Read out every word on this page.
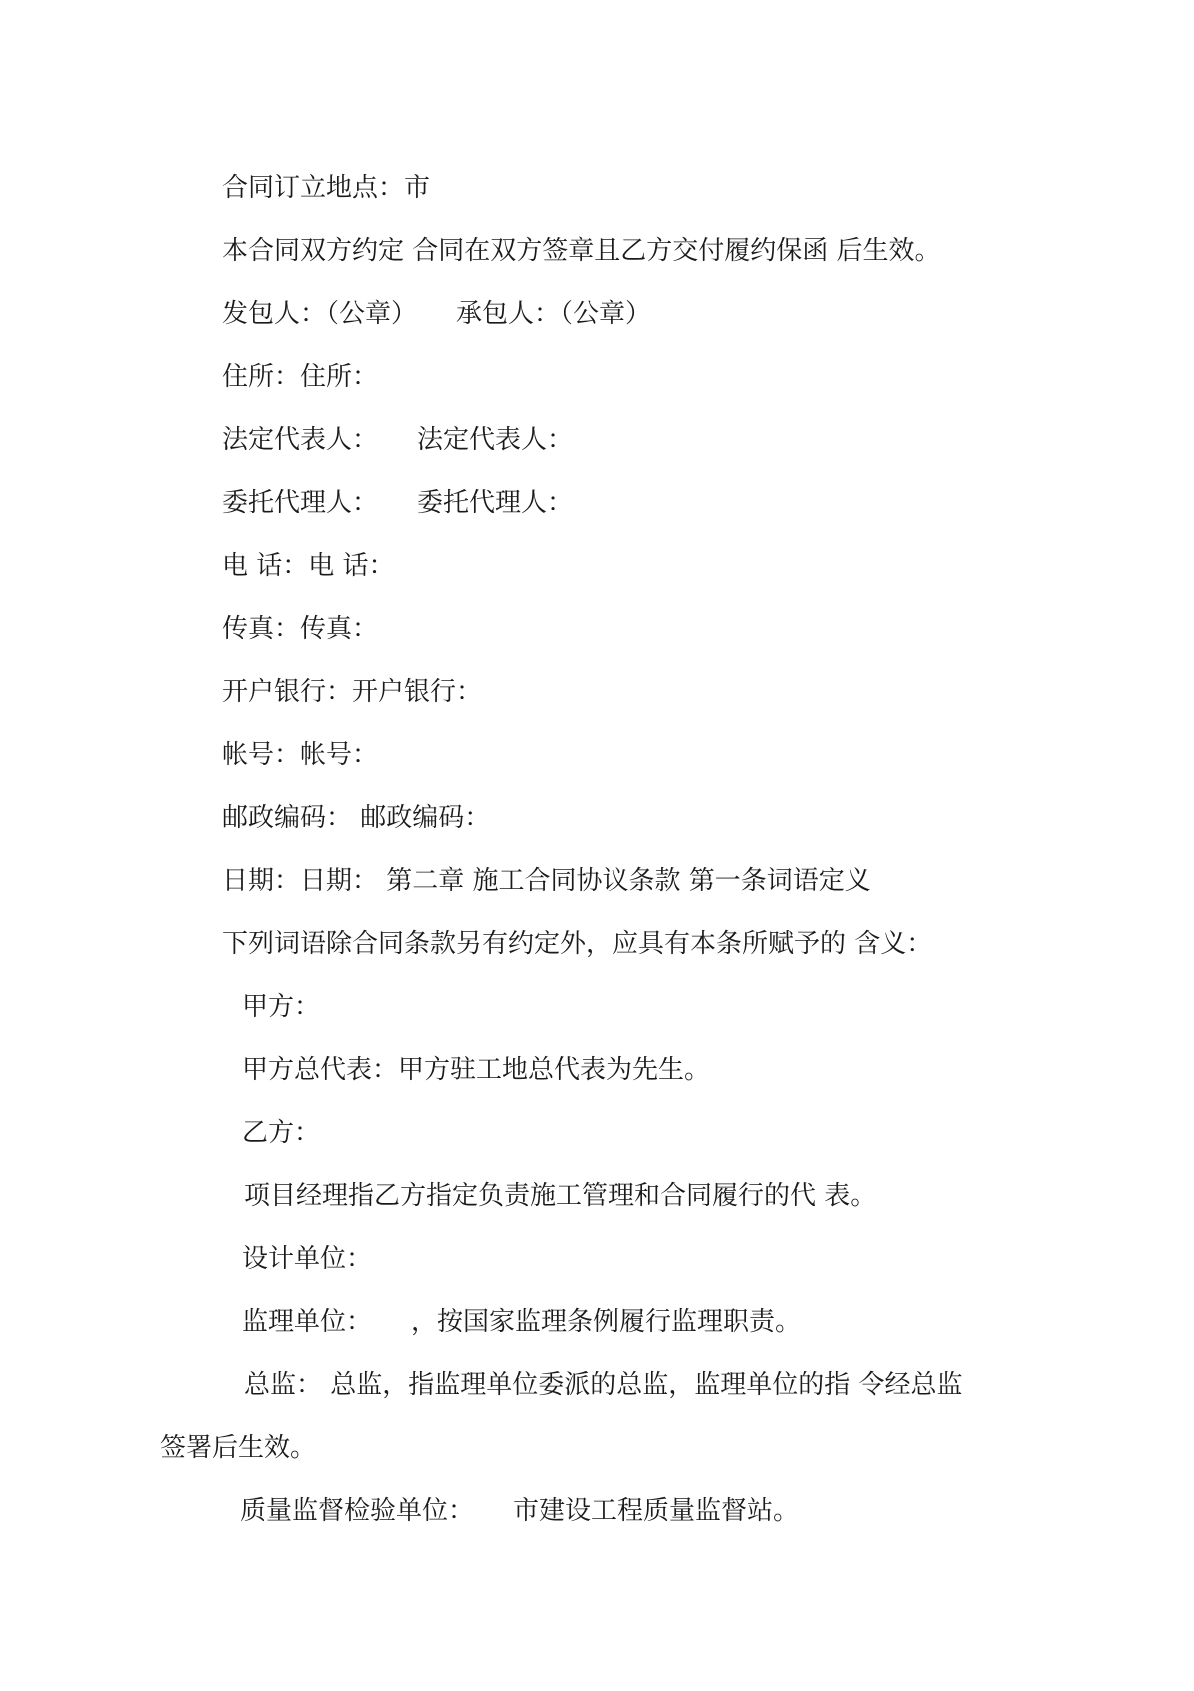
合同订立地点：市
本合同双方约定 合同在双方签章且乙方交付履约保函 后生效。
发包人：（公章）　　承包人：（公章）
住所：住所：
法定代表人：　　法定代表人：
委托代理人：　　委托代理人：
电 话：电 话：
传真：传真：
开户银行：开户银行：
帐号：帐号：
邮政编码： 邮政编码：
日期：日期： 第二章 施工合同协议条款 第一条词语定义
下列词语除合同条款另有约定外，应具有本条所赋予的 含义：
甲方：
甲方总代表：甲方驻工地总代表为先生。
乙方：
项目经理指乙方指定负责施工管理和合同履行的代 表。
设计单位：
监理单位：　　，按国家监理条例履行监理职责。
总监： 总监，指监理单位委派的总监，监理单位的指 令经总监
签署后生效。
质量监督检验单位：　　市建设工程质量监督站。
